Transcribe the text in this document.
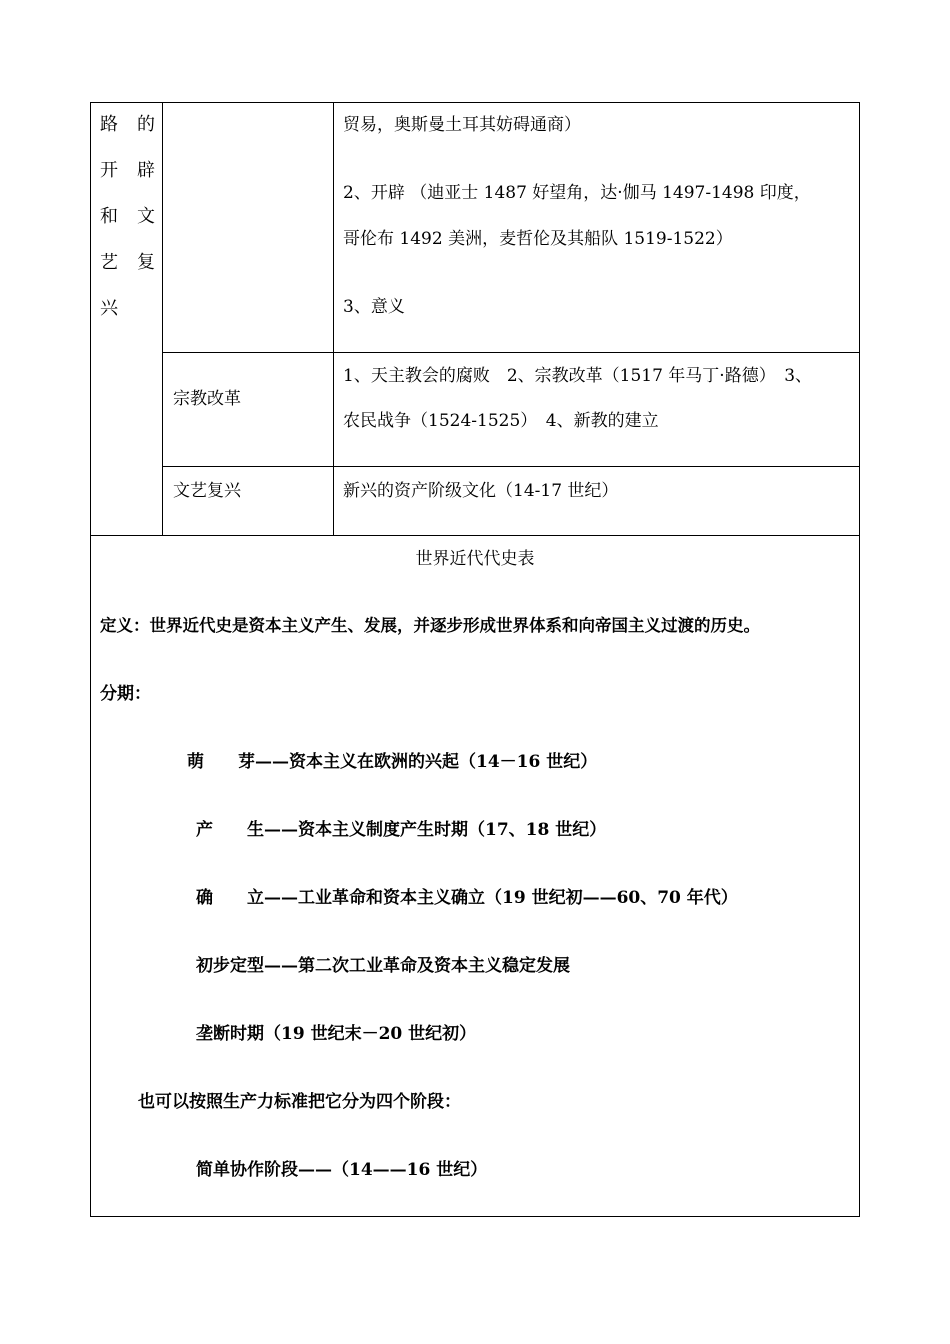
路 的
开 辟
和 文
艺 复
兴
贸易，奥斯曼土耳其妨碍通商）
2、开辟 （迪亚士 1487 好望角，达·伽马 1497-1498 印度，
哥伦布 1492 美洲，麦哲伦及其船队 1519-1522）
3、意义
宗教改革
1、天主教会的腐败　2、宗教改革（1517 年马丁·路德）　3、
农民战争（1524-1525）　4、新教的建立
文艺复兴	新兴的资产阶级文化（14-17 世纪）
世界近代代史表
定义：世界近代史是资本主义产生、发展，并逐步形成世界体系和向帝国主义过渡的历史。
分期：
萌　　芽——资本主义在欧洲的兴起（14－16 世纪）
产　　生——资本主义制度产生时期（17、18 世纪）
确　　立——工业革命和资本主义确立（19 世纪初——60、70 年代）
初步定型——第二次工业革命及资本主义稳定发展
垄断时期（19 世纪末－20 世纪初）
也可以按照生产力标准把它分为四个阶段：
简单协作阶段——（14——16 世纪）
